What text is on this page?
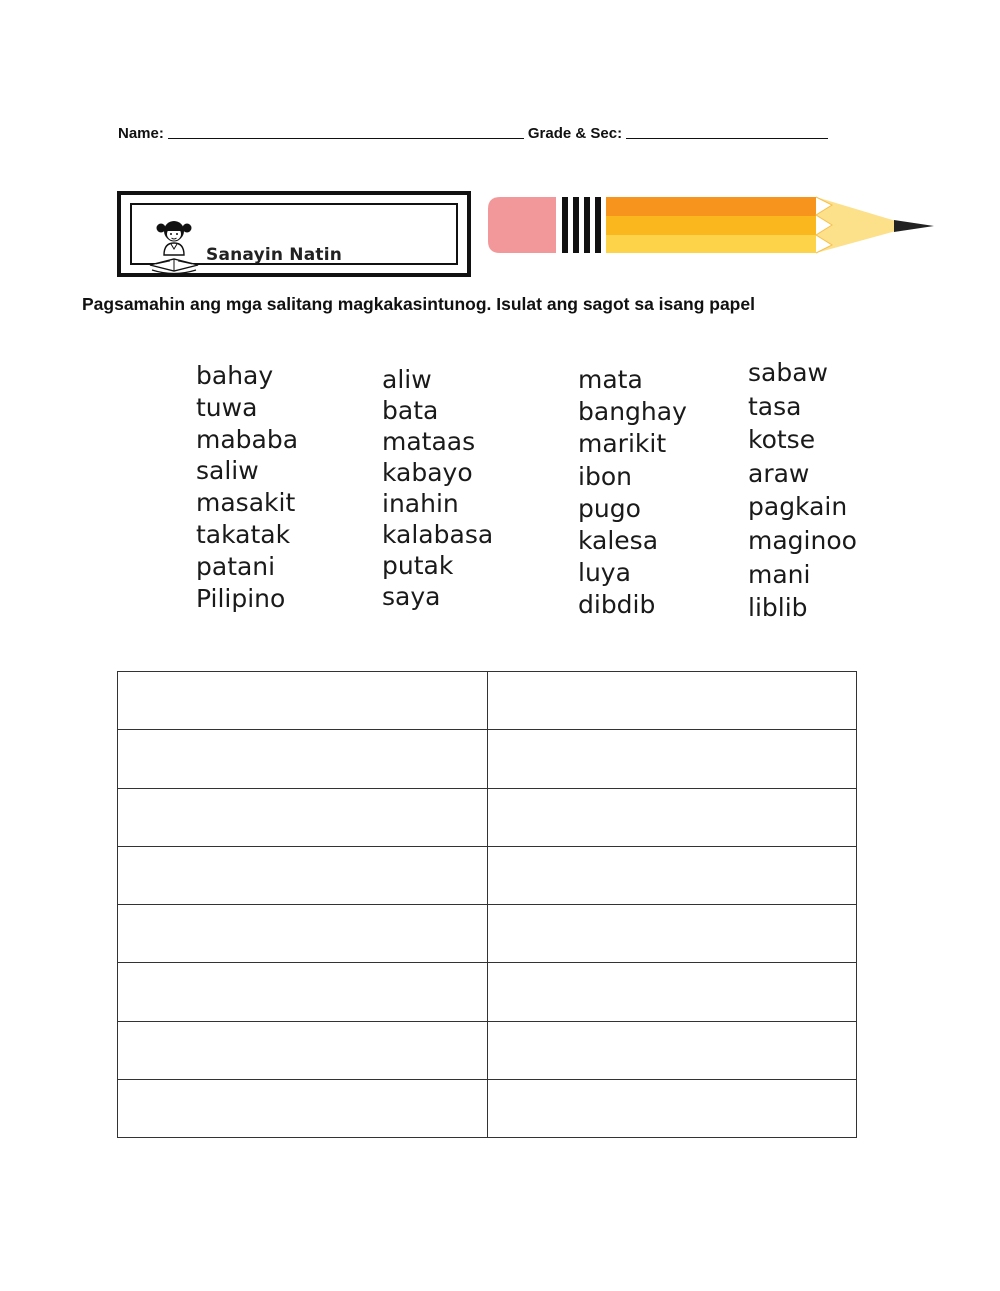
Name:	Grade & Sec:
Sanayin Natin
Pagsamahin ang mga salitang magkakasintunog. Isulat ang sagot sa isang papel
bahay
tuwa
mababa
saliw
masakit
takatak
patani
Pilipino
aliw
bata
mataas
kabayo
inahin
kalabasa
putak
saya
mata
banghay
marikit
ibon
pugo
kalesa
luya
dibdib
sabaw
tasa
kotse
araw
pagkain
maginoo
mani
liblib
